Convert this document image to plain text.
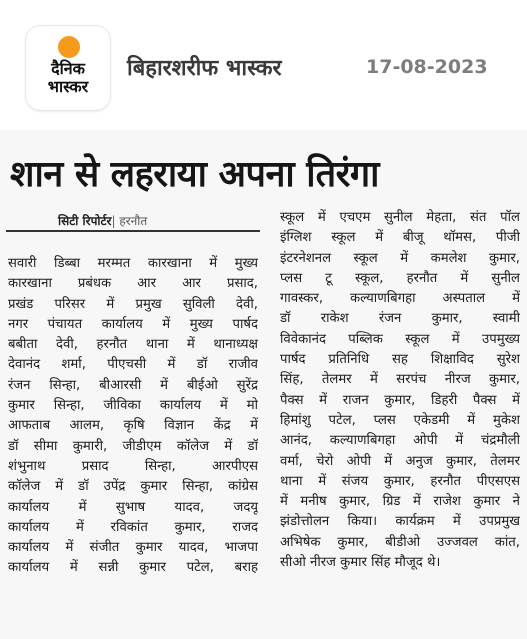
दैनिक
भास्कर
बिहारशरीफ भास्कर	17-08-2023
शान से लहराया अपना तिरंगा
सिटी रिपोर्टर| हरनौत
सवारी डिब्बा मरम्मत कारखाना में मुख्य
कारखाना प्रबंधक आर आर प्रसाद,
प्रखंड परिसर में प्रमुख सुविली देवी,
नगर पंचायत कार्यालय में मुख्य पार्षद
बबीता देवी, हरनौत थाना में थानाध्यक्ष
देवानंद शर्मा, पीएचसी में डॉ राजीव
रंजन सिन्हा, बीआरसी में बीईओ सुरेंद्र
कुमार सिन्हा, जीविका कार्यालय में मो
आफताब आलम, कृषि विज्ञान केंद्र में
डॉ सीमा कुमारी, जीडीएम कॉलेज में डॉ
शंभुनाथ प्रसाद सिन्हा, आरपीएस
कॉलेज में डॉ उपेंद्र कुमार सिन्हा, कांग्रेस
कार्यालय में सुभाष यादव, जदयू
कार्यालय में रविकांत कुमार, राजद
कार्यालय में संजीत कुमार यादव, भाजपा
कार्यालय में सन्नी कुमार पटेल, बराह
स्कूल में एचएम सुनील मेहता, संत पॉल
इंग्लिश स्कूल में बीजू थॉमस, पीजी
इंटरनेशनल स्कूल में कमलेश कुमार,
प्लस टू स्कूल, हरनौत में सुनील
गावस्कर, कल्याणबिगहा अस्पताल में
डॉ राकेश रंजन कुमार, स्वामी
विवेकानंद पब्लिक स्कूल में उपमुख्य
पार्षद प्रतिनिधि सह शिक्षाविद सुरेश
सिंह, तेलमर में सरपंच नीरज कुमार,
पैक्स में राजन कुमार, डिहरी पैक्स में
हिमांशु पटेल, प्लस एकेडमी में मुकेश
आनंद, कल्याणबिगहा ओपी में चंद्रमौली
वर्मा, चेरो ओपी में अनुज कुमार, तेलमर
थाना में संजय कुमार, हरनौत पीएसएस
में मनीष कुमार, ग्रिड में राजेश कुमार ने
झंडोत्तोलन किया। कार्यक्रम में उपप्रमुख
अभिषेक कुमार, बीडीओ उज्जवल कांत,
सीओ नीरज कुमार सिंह मौजूद थे।
